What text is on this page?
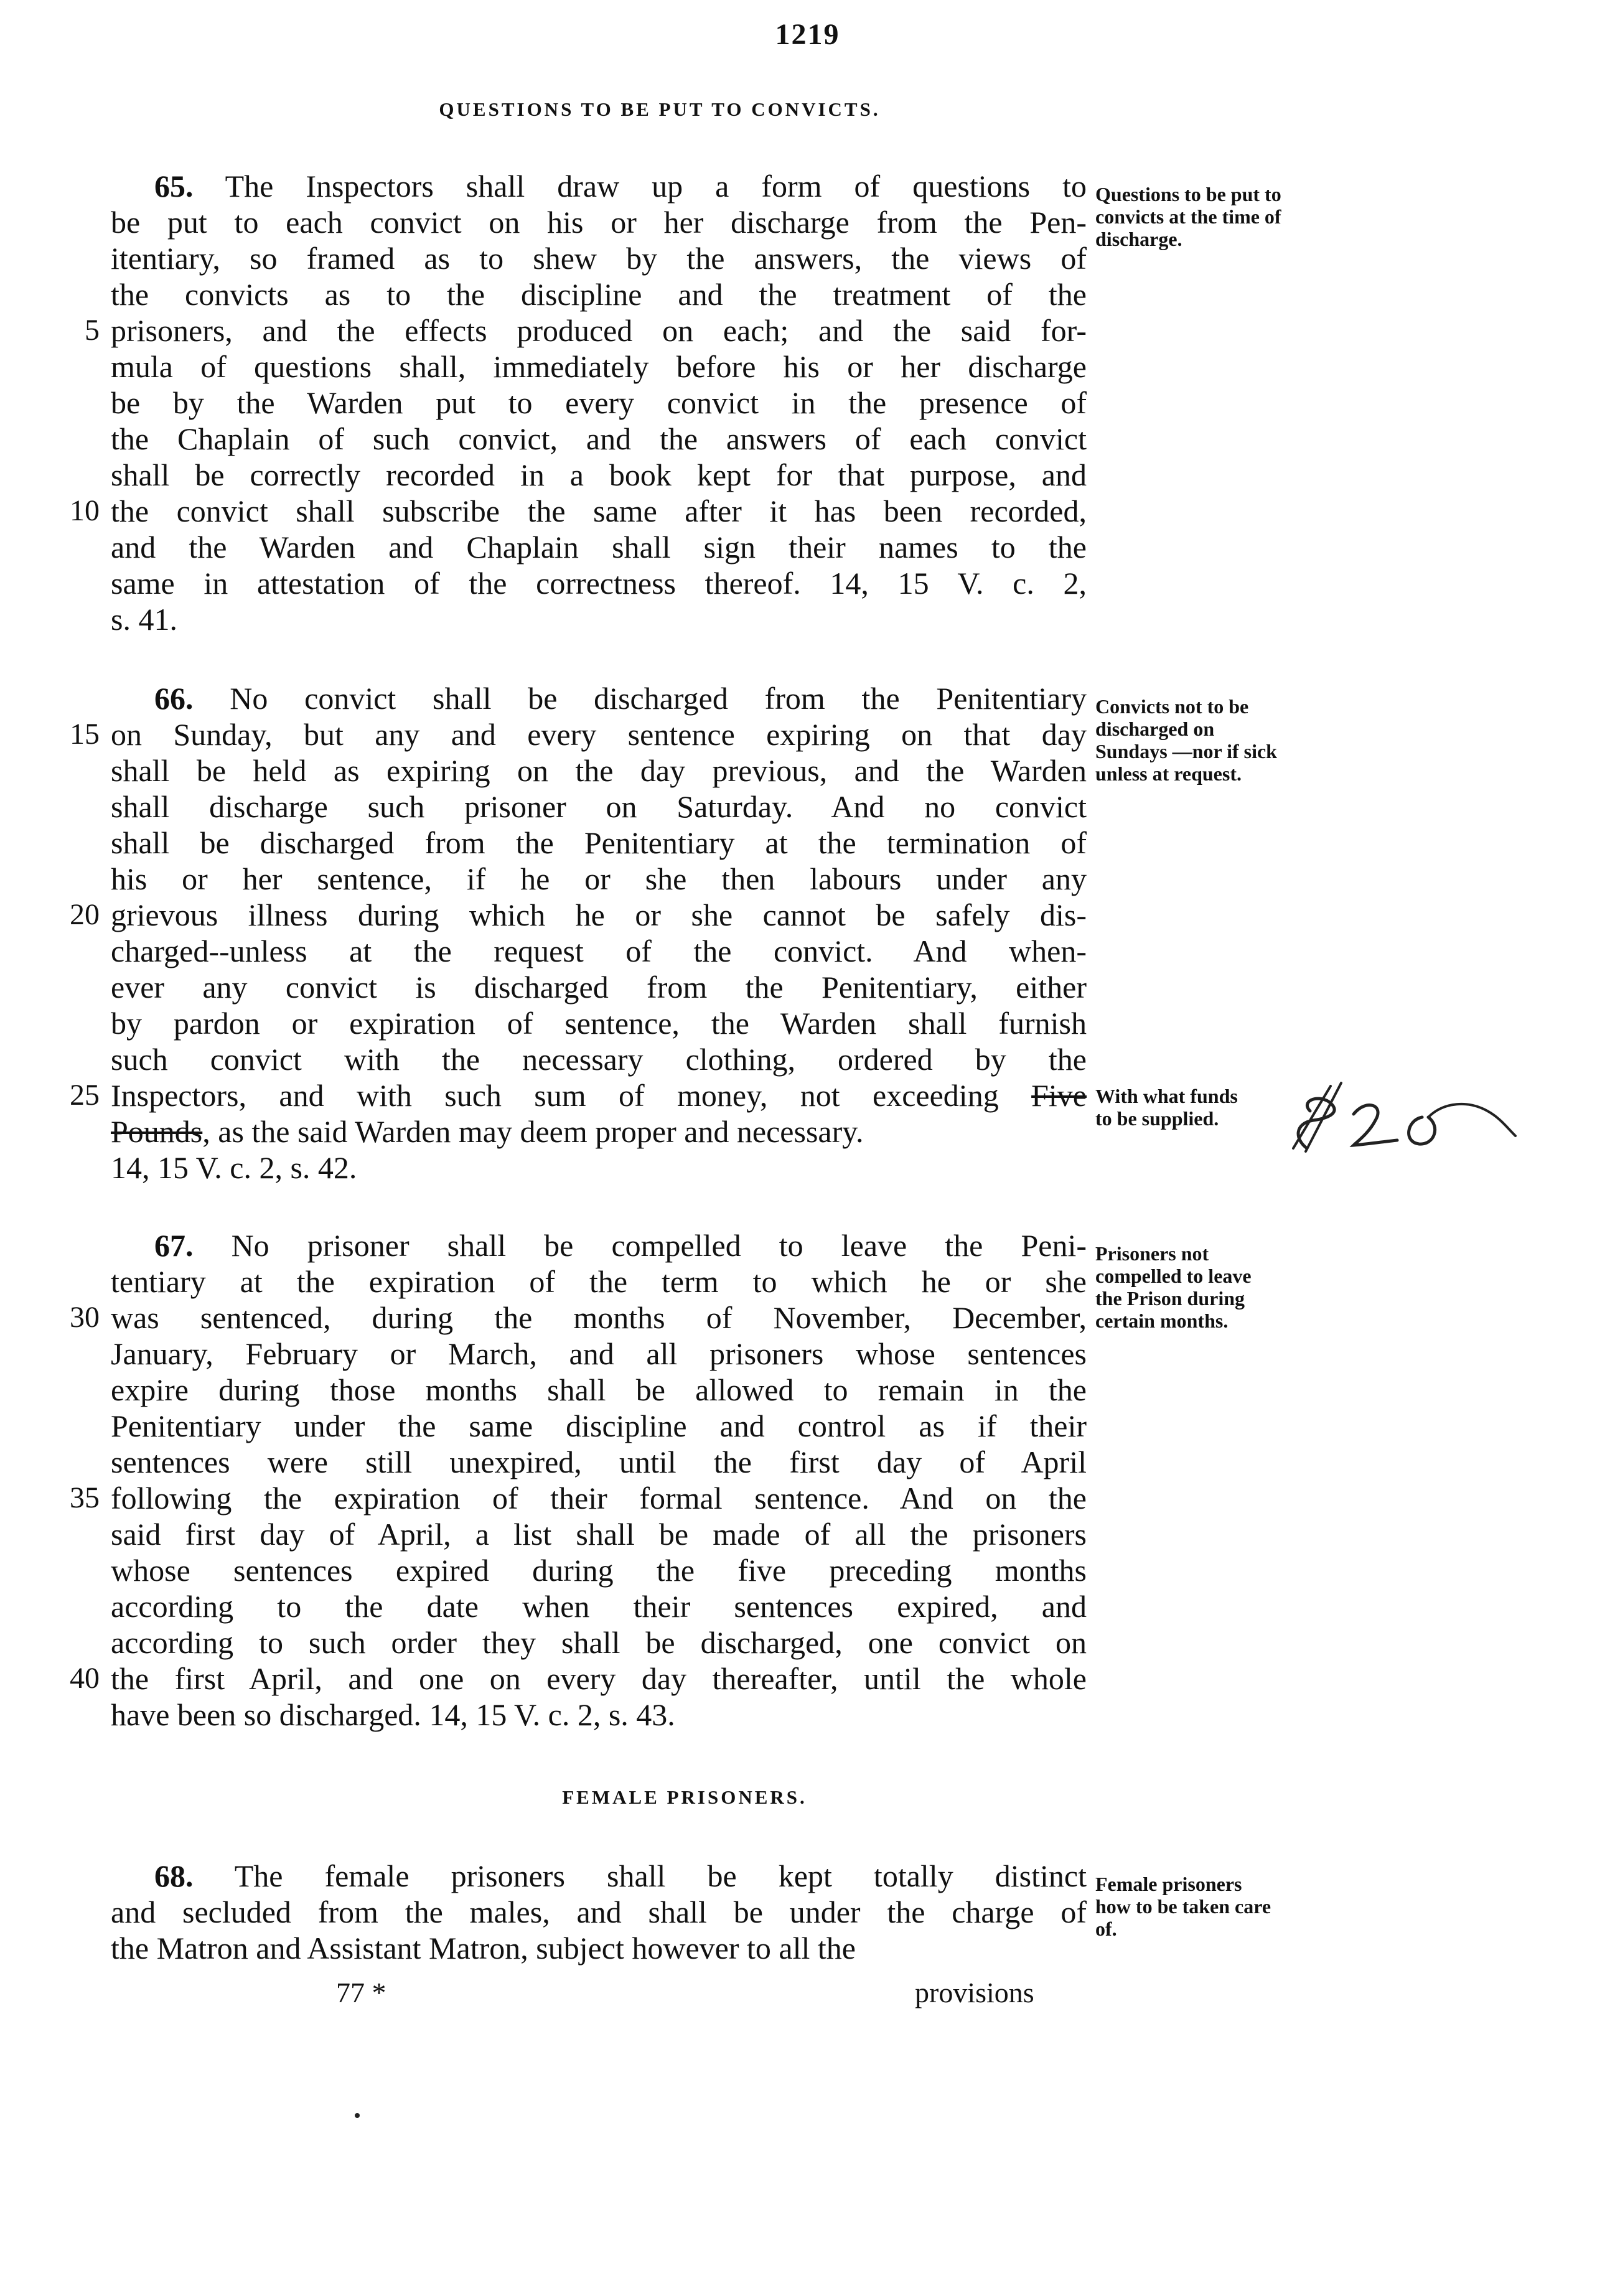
1219
QUESTIONS TO BE PUT TO CONVICTS.
Questions to be put to convicts at the time of discharge.
65. The Inspectors shall draw up a form of questions to
be put to each convict on his or her discharge from the Pen-
itentiary, so framed as to shew by the answers, the views of
the convicts as to the discipline and the treatment of the
5 prisoners, and the effects produced on each; and the said for-
mula of questions shall, immediately before his or her discharge
be by the Warden put to every convict in the presence of
the Chaplain of such convict, and the answers of each convict
shall be correctly recorded in a book kept for that purpose, and
10 the convict shall subscribe the same after it has been recorded,
and the Warden and Chaplain shall sign their names to the
same in attestation of the correctness thereof. 14, 15 V. c. 2,
s. 41.
Convicts not to be discharged on Sundays —nor if sick unless at request.
With what funds to be supplied.
66. No convict shall be discharged from the Penitentiary
15 on Sunday, but any and every sentence expiring on that day
shall be held as expiring on the day previous, and the Warden
shall discharge such prisoner on Saturday. And no convict
shall be discharged from the Penitentiary at the termination of
his or her sentence, if he or she then labours under any
20 grievous illness during which he or she cannot be safely dis-
charged--unless at the request of the convict. And when-
ever any convict is discharged from the Penitentiary, either
by pardon or expiration of sentence, the Warden shall furnish
such convict with the necessary clothing, ordered by the
25 Inspectors, and with such sum of money, not exceeding Five
Pounds, as the said Warden may deem proper and necessary.
14, 15 V. c. 2, s. 42.
Prisoners not compelled to leave the Prison during certain months.
67. No prisoner shall be compelled to leave the Peni-
tentiary at the expiration of the term to which he or she
30 was sentenced, during the months of November, December,
January, February or March, and all prisoners whose sentences
expire during those months shall be allowed to remain in the
Penitentiary under the same discipline and control as if their
sentences were still unexpired, until the first day of April
35 following the expiration of their formal sentence. And on the
said first day of April, a list shall be made of all the prisoners
whose sentences expired during the five preceding months
according to the date when their sentences expired, and
according to such order they shall be discharged, one convict on
40 the first April, and one on every day thereafter, until the whole
have been so discharged. 14, 15 V. c. 2, s. 43.
FEMALE PRISONERS.
Female prisoners how to be taken care of.
68. The female prisoners shall be kept totally distinct
and secluded from the males, and shall be under the charge of
the Matron and Assistant Matron, subject however to all the
77 *	provisions
